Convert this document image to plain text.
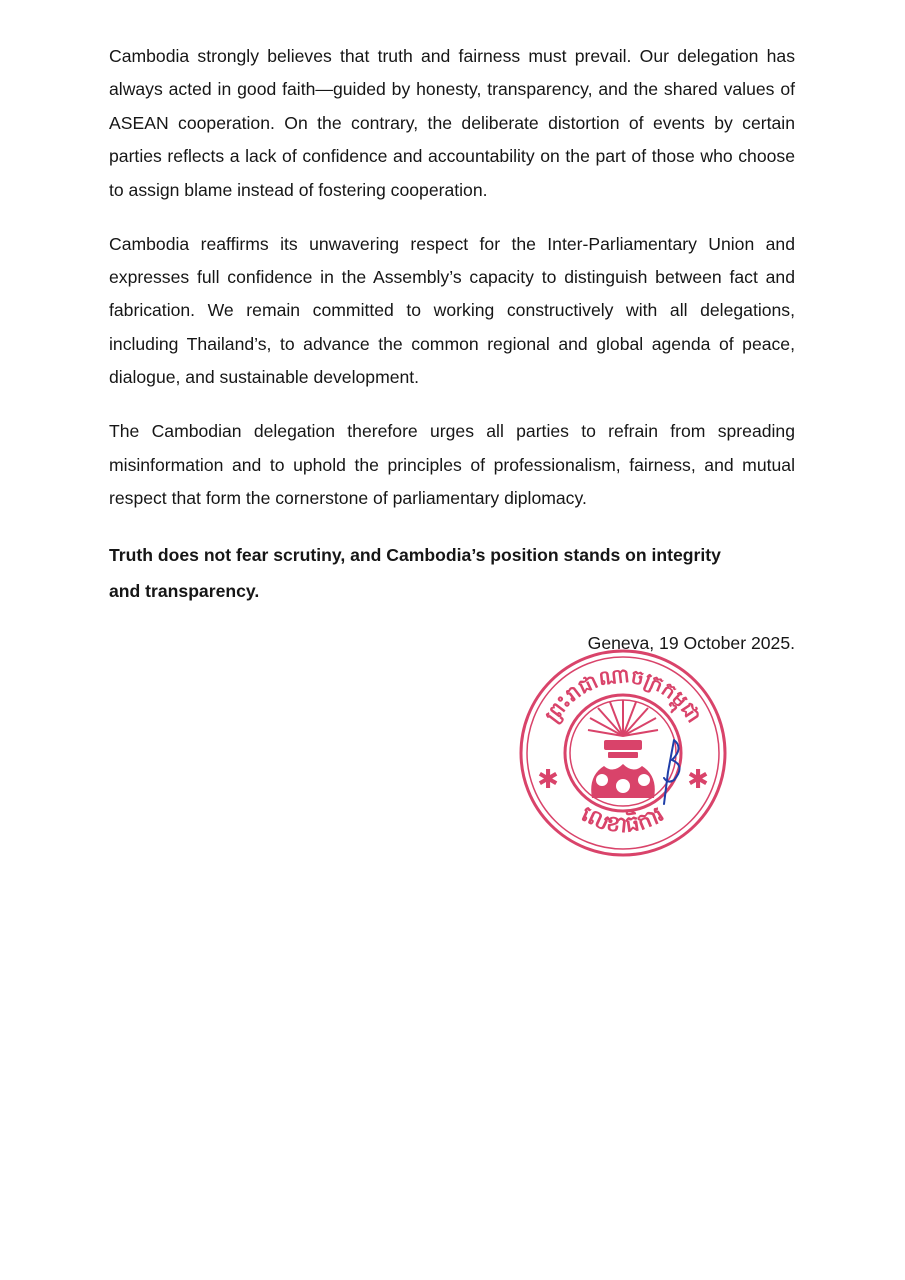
Cambodia strongly believes that truth and fairness must prevail. Our delegation has always acted in good faith—guided by honesty, transparency, and the shared values of ASEAN cooperation. On the contrary, the deliberate distortion of events by certain parties reflects a lack of confidence and accountability on the part of those who choose to assign blame instead of fostering cooperation.

Cambodia reaffirms its unwavering respect for the Inter-Parliamentary Union and expresses full confidence in the Assembly’s capacity to distinguish between fact and fabrication. We remain committed to working constructively with all delegations, including Thailand’s, to advance the common regional and global agenda of peace, dialogue, and sustainable development.

The Cambodian delegation therefore urges all parties to refrain from spreading misinformation and to uphold the principles of professionalism, fairness, and mutual respect that form the cornerstone of parliamentary diplomacy.

Truth does not fear scrutiny, and Cambodia’s position stands on integrity and transparency.

Geneva, 19 October 2025.
ព្រះរាជាណាចក្រកម្ពុជា
លេខាធិការ
✱	✱
